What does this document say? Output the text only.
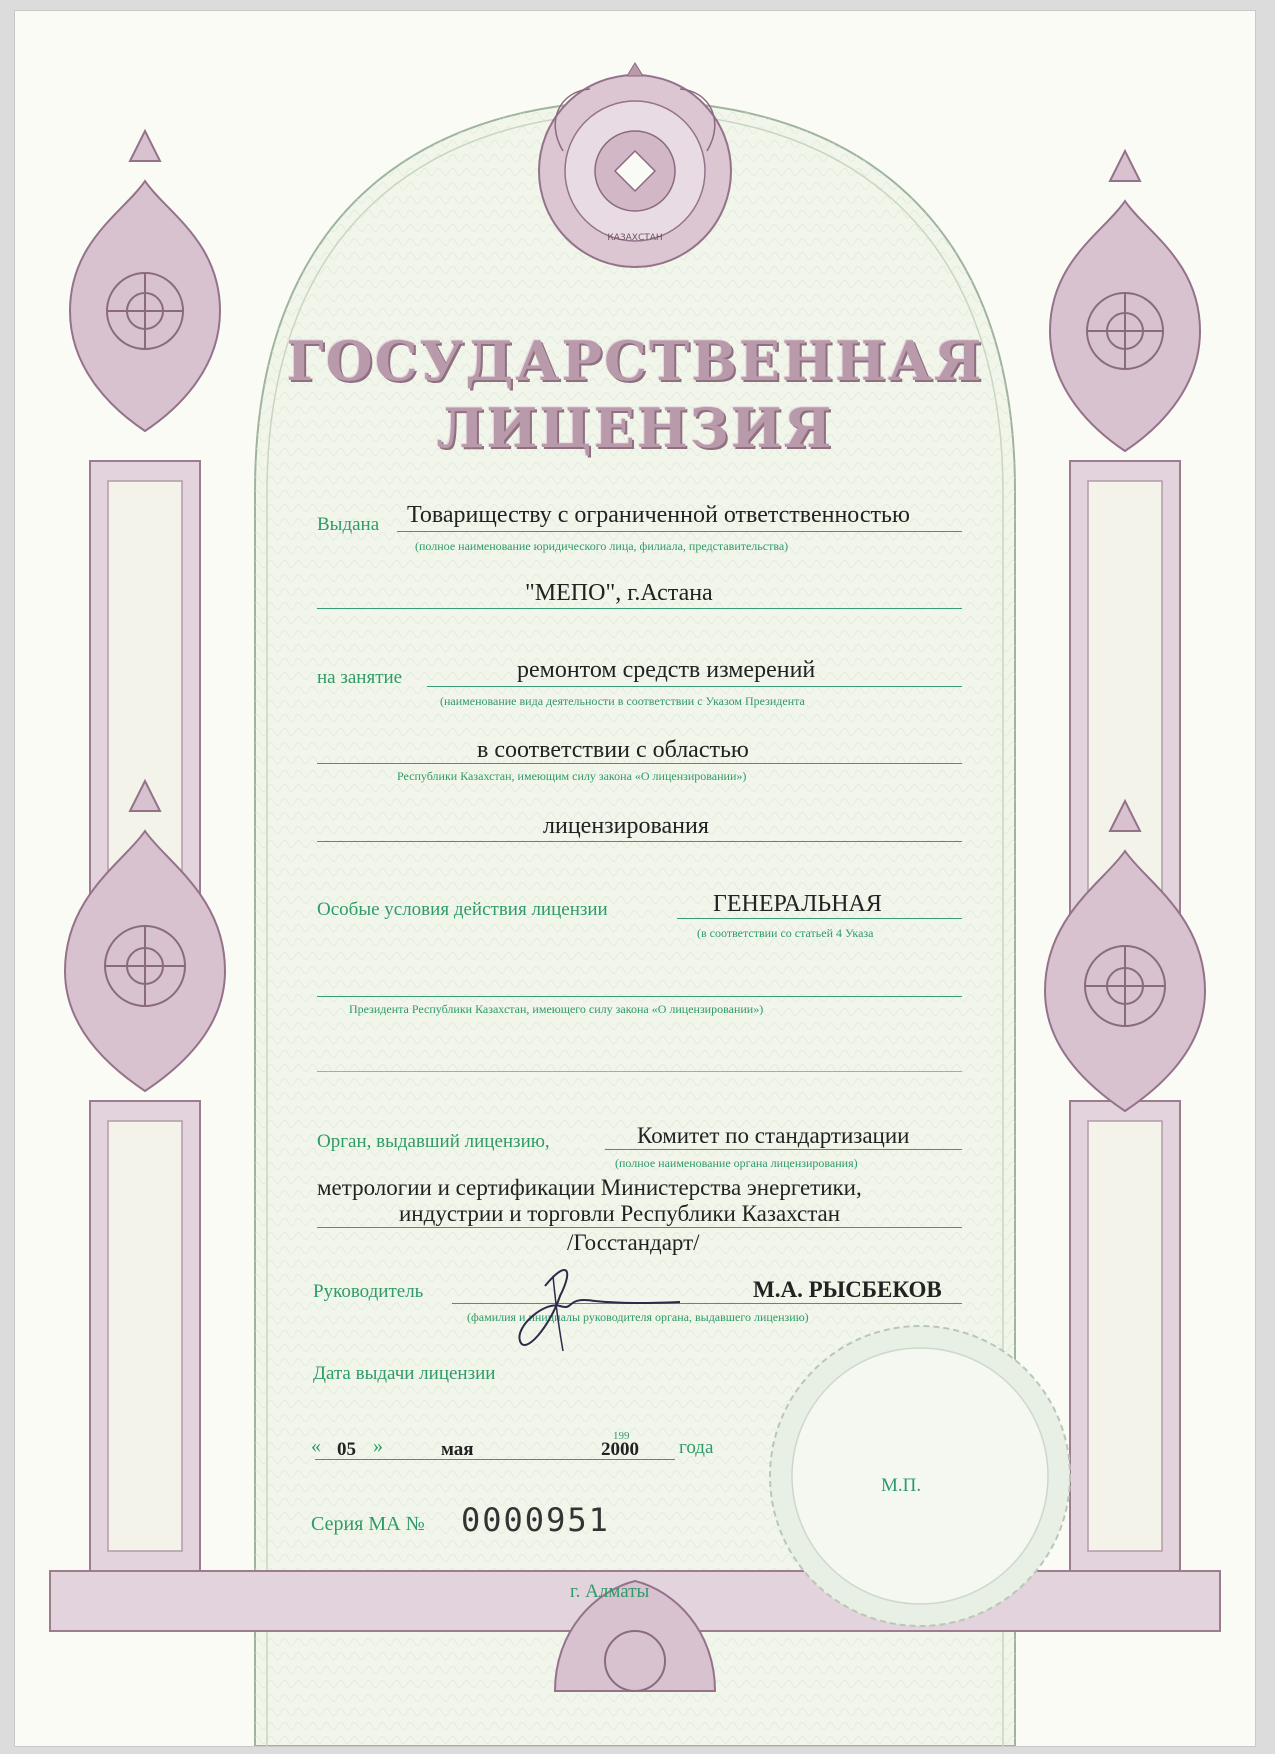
ГОСУДАРСТВЕННАЯ
ЛИЦЕНЗИЯ
КАЗАХСТАН
Выдана Товариществу с ограниченной ответственностью
(полное наименование юридического лица, филиала, представительства)
"МЕПО", г.Астана
на занятие	ремонтом средств измерений
(наименование вида деятельности в соответствии с Указом Президента
в соответствии с областью
Республики Казахстан, имеющим силу закона «О лицензировании»)
лицензирования
Особые условия действия лицензии	ГЕНЕРАЛЬНАЯ
(в соответствии со статьей 4 Указа
Президента Республики Казахстан, имеющего силу закона «О лицензировании»)
Орган, выдавший лицензию,	Комитет по стандартизации
(полное наименование органа лицензирования)
метрологии и сертификации Министерства энергетики,
индустрии и торговли Республики Казахстан
/Госстандарт/
Руководитель	М.А. РЫСБЕКОВ
(фамилия и инициалы руководителя органа, выдавшего лицензию)
Дата выдачи лицензии
« 05 »	мая
199
2000 года
М.П.
Серия МА № 0000951
г. Алматы
